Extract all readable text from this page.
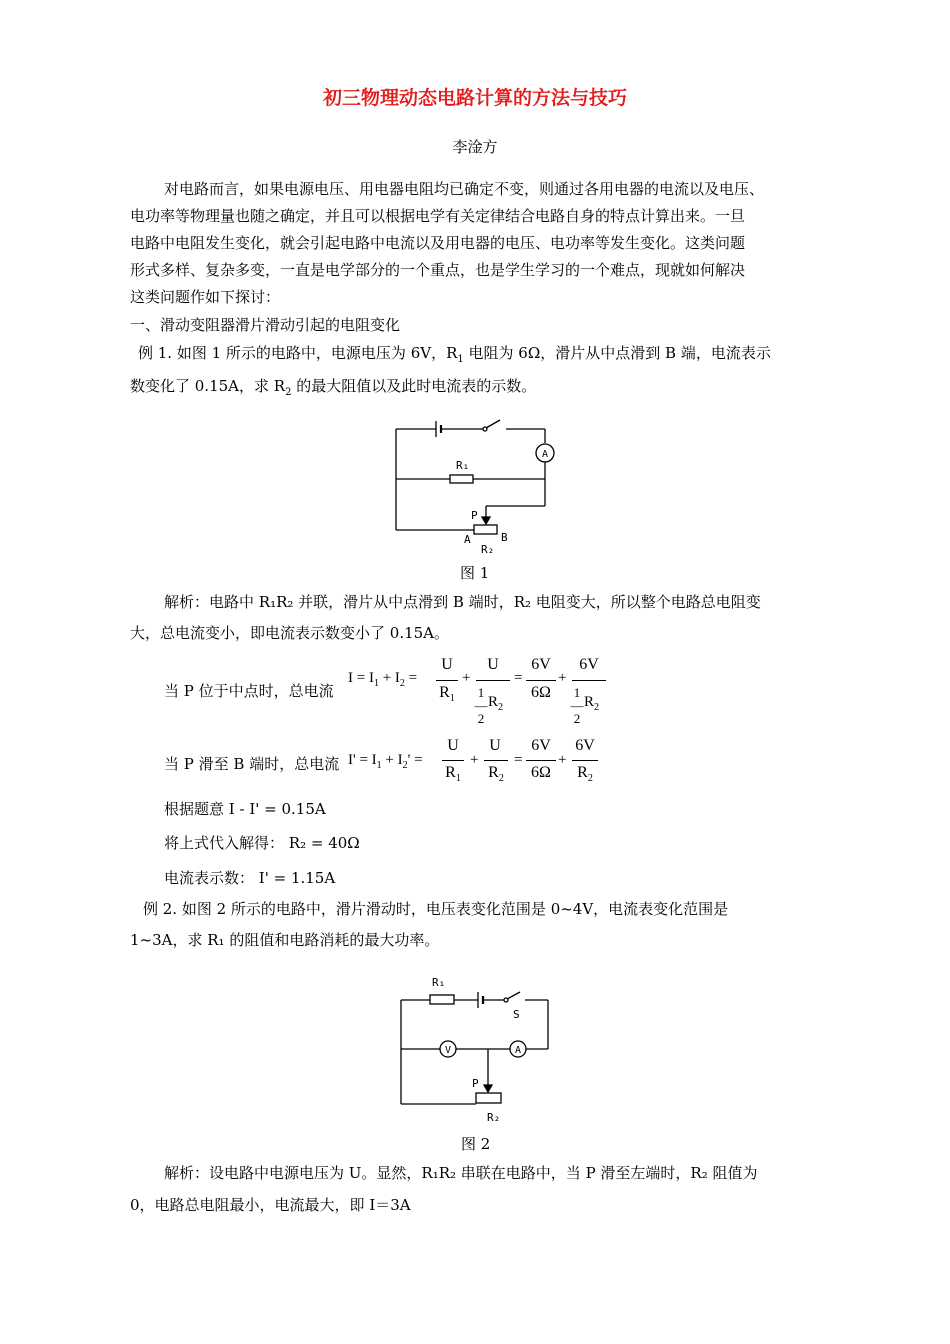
初三物理动态电路计算的方法与技巧
李淦方
对电路而言，如果电源电压、用电器电阻均已确定不变，则通过各用电器的电流以及电压、
电功率等物理量也随之确定，并且可以根据电学有关定律结合电路自身的特点计算出来。一旦
电路中电阻发生变化，就会引起电路中电流以及用电器的电压、电功率等发生变化。这类问题
形式多样、复杂多变，一直是电学部分的一个重点，也是学生学习的一个难点，现就如何解决
这类问题作如下探讨：
一、滑动变阻器滑片滑动引起的电阻变化
例 1. 如图 1 所示的电路中，电源电压为 6V，$R_1$ 电阻为 6Ω，滑片从中点滑到 B 端，电流表示
数变化了 0.15A，求 $R_2$ 的最大阻值以及此时电流表的示数。
A
R₁
P
A	B
R₂
图 1
解析：电路中 R₁R₂ 并联，滑片从中点滑到 B 端时，R₂ 电阻变大，所以整个电路总电阻变
大，总电流变小，即电流表示数变小了 0.15A。
当 P 位于中点时，总电流
$I = I_1 + I_2$ =
U
$R_1$
+
U
1
―
2
$R_2$
=
6V
6Ω
+
6V
1
―
2
$R_2$
当 P 滑至 B 端时，总电流 $I' = I_1 + I_2'$ =
U
$R_1$
+
U
$R_2$
=
6V
6Ω
+
6V
$R_2$
根据题意 I - I' = 0.15A
将上式代入解得： R₂ = 40Ω
电流表示数： I' = 1.15A
例 2. 如图 2 所示的电路中，滑片滑动时，电压表变化范围是 0~4V，电流表变化范围是
1~3A，求 R₁ 的阻值和电路消耗的最大功率。
V	A
R₁
S
P
R₂
图 2
解析：设电路中电源电压为 U。显然，R₁R₂ 串联在电路中，当 P 滑至左端时，R₂ 阻值为
0，电路总电阻最小，电流最大，即 I＝3A
